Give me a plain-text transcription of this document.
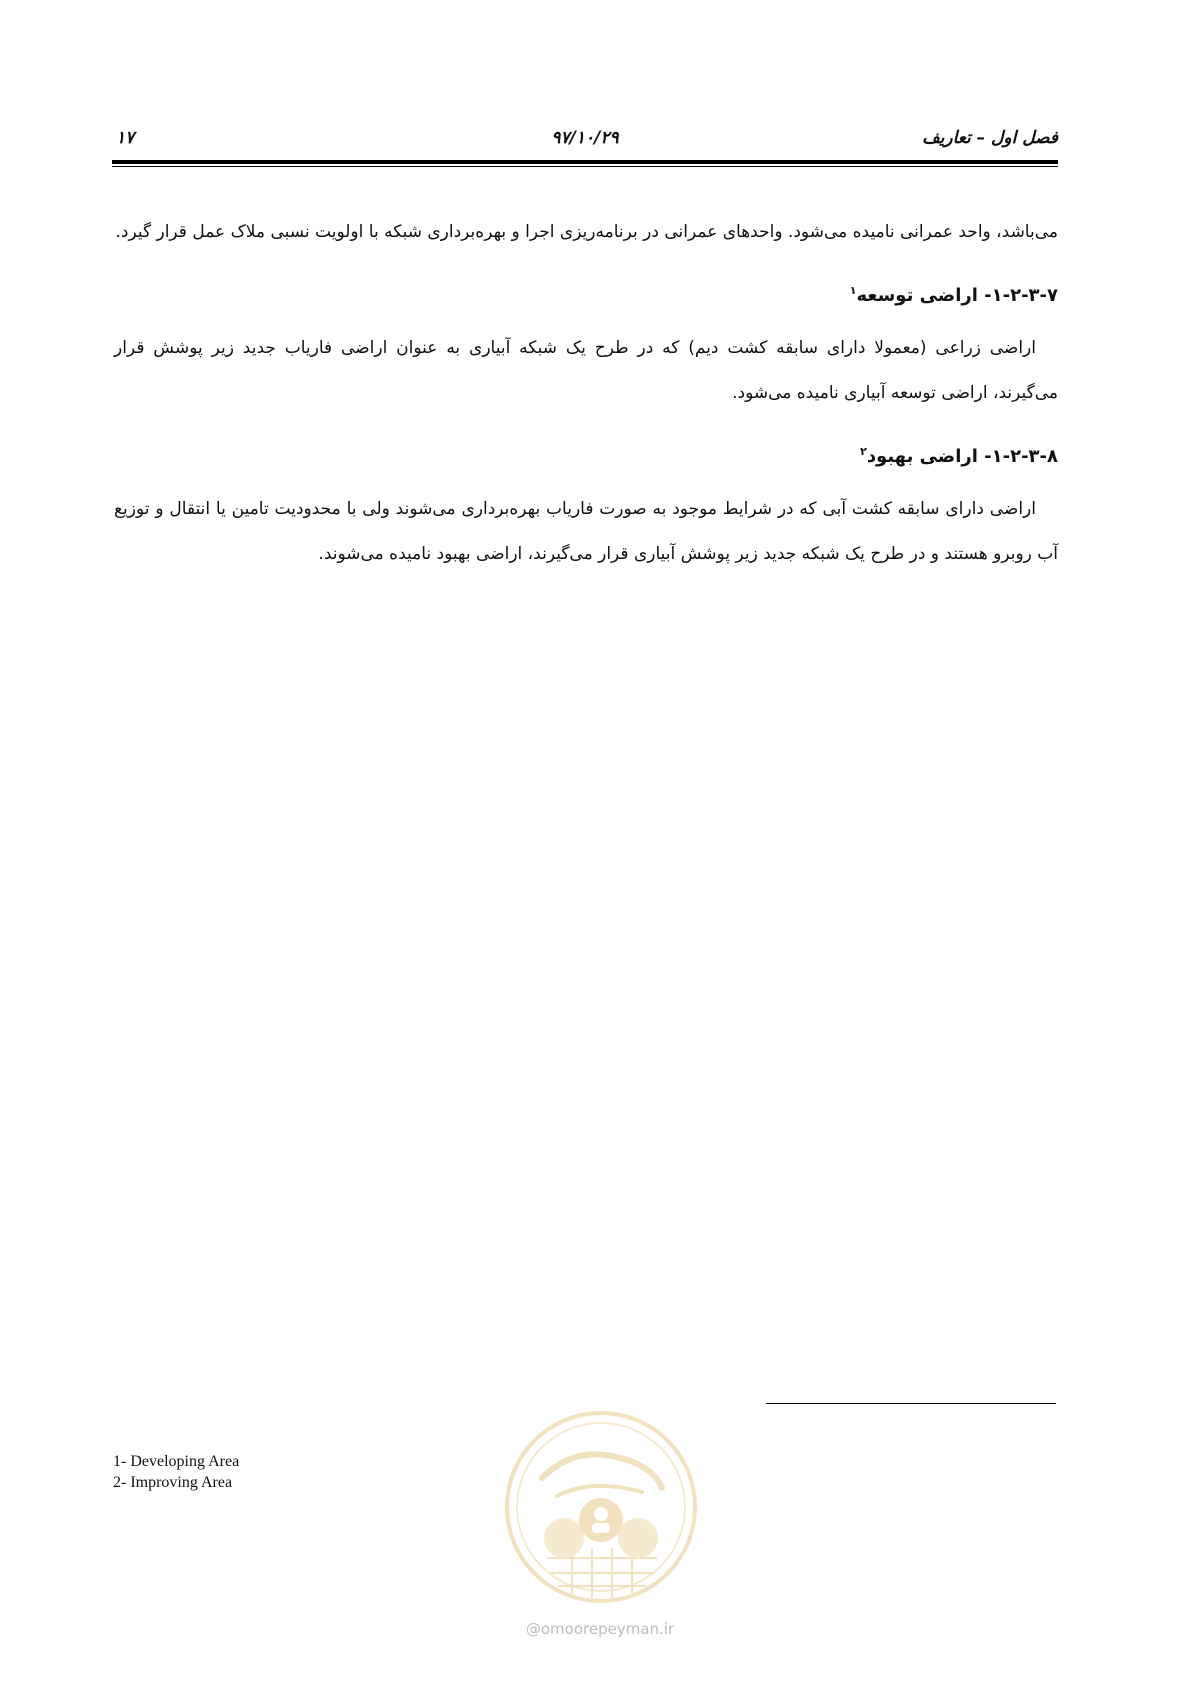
فصل اول – تعاریف
۹۷/۱۰/۲۹
۱۷

می‌باشد، واحد عمرانی نامیده می‌شود. واحدهای عمرانی در برنامه‌ریزی اجرا و بهره‌برداری شبکه با اولویت نسبی ملاک عمل قرار گیرد.

۱-۲-۳-۷- اراضی توسعه$^۱$

اراضی زراعی (معمولا دارای سابقه کشت دیم) که در طرح یک شبکه آبیاری به عنوان اراضی فاریاب جدید زیر پوشش قرار می‌گیرند، اراضی توسعه آبیاری نامیده می‌شود.

۱-۲-۳-۸- اراضی بهبود$^۲$

اراضی دارای سابقه کشت آبی که در شرایط موجود به صورت فاریاب بهره‌برداری می‌شوند ولی با محدودیت تامین یا انتقال و توزیع آب روبرو هستند و در طرح یک شبکه جدید زیر پوشش آبیاری قرار می‌گیرند، اراضی بهبود نامیده می‌شوند.

1- Developing Area
2- Improving Area
@omoorepeyman.ir
